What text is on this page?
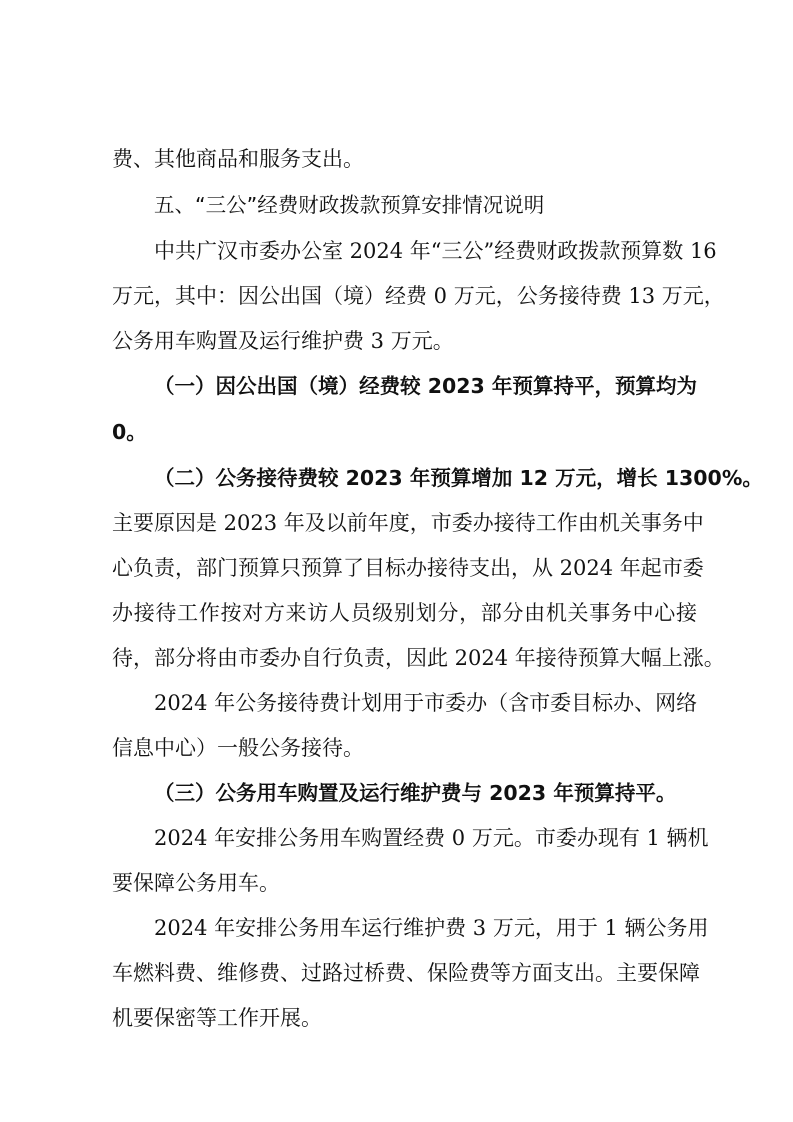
费、其他商品和服务支出。
五、“三公”经费财政拨款预算安排情况说明
中共广汉市委办公室 2024 年“三公”经费财政拨款预算数 16
万元，其中：因公出国（境）经费 0 万元，公务接待费 13 万元，
公务用车购置及运行维护费 3 万元。
（一）因公出国（境）经费较 2023 年预算持平，预算均为
0。
（二）公务接待费较 2023 年预算增加 12 万元，增长 1300%。
主要原因是 2023 年及以前年度，市委办接待工作由机关事务中
心负责，部门预算只预算了目标办接待支出，从 2024 年起市委
办接待工作按对方来访人员级别划分，部分由机关事务中心接
待，部分将由市委办自行负责，因此 2024 年接待预算大幅上涨。
2024 年公务接待费计划用于市委办（含市委目标办、网络
信息中心）一般公务接待。
（三）公务用车购置及运行维护费与 2023 年预算持平。
2024 年安排公务用车购置经费 0 万元。市委办现有 1 辆机
要保障公务用车。
2024 年安排公务用车运行维护费 3 万元，用于 1 辆公务用
车燃料费、维修费、过路过桥费、保险费等方面支出。主要保障
机要保密等工作开展。
